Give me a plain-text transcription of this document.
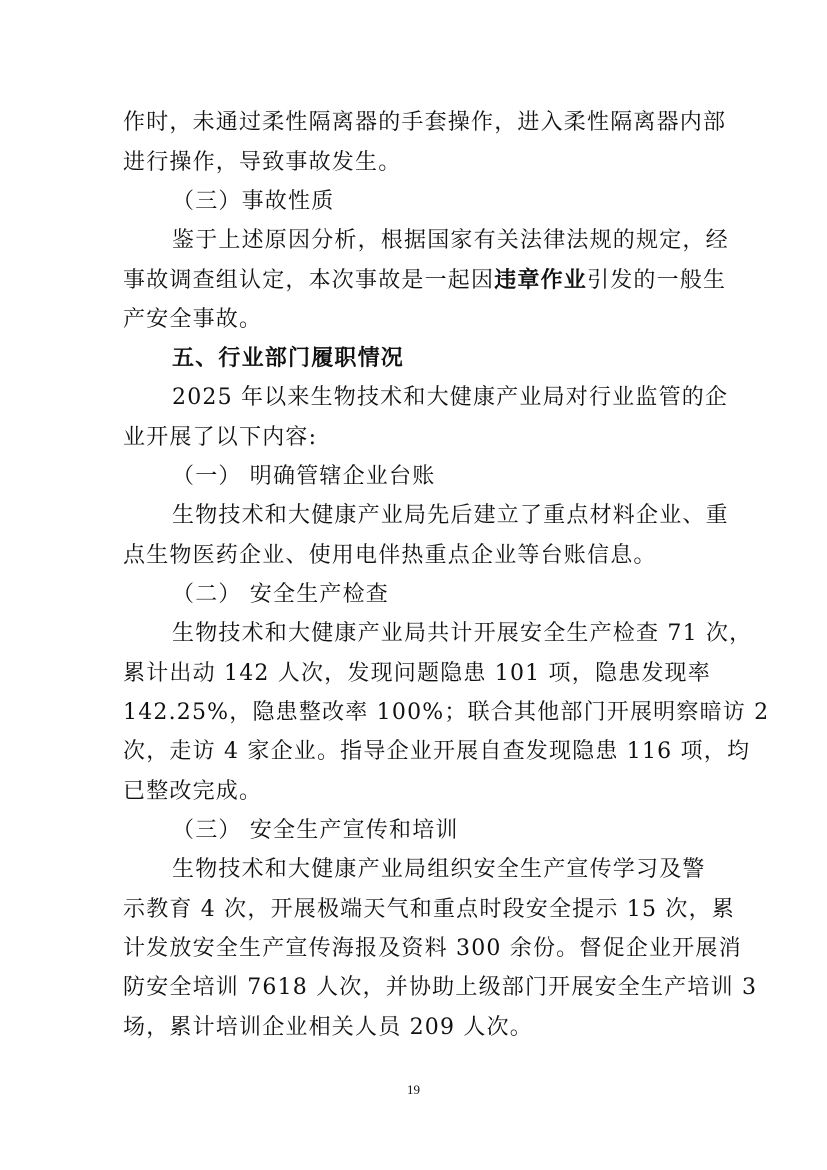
作时，未通过柔性隔离器的手套操作，进入柔性隔离器内部
进行操作，导致事故发生。
（三）事故性质
鉴于上述原因分析，根据国家有关法律法规的规定，经
事故调查组认定，本次事故是一起因违章作业引发的一般生
产安全事故。
五、行业部门履职情况
2025 年以来生物技术和大健康产业局对行业监管的企
业开展了以下内容:
（一） 明确管辖企业台账
生物技术和大健康产业局先后建立了重点材料企业、重
点生物医药企业、使用电伴热重点企业等台账信息。
（二） 安全生产检查
生物技术和大健康产业局共计开展安全生产检查 71 次，
累计出动 142 人次，发现问题隐患 101 项，隐患发现率
142.25%，隐患整改率 100%；联合其他部门开展明察暗访 2
次，走访 4 家企业。指导企业开展自查发现隐患 116 项，均
已整改完成。
（三） 安全生产宣传和培训
生物技术和大健康产业局组织安全生产宣传学习及警
示教育 4 次，开展极端天气和重点时段安全提示 15 次，累
计发放安全生产宣传海报及资料 300 余份。督促企业开展消
防安全培训 7618 人次，并协助上级部门开展安全生产培训 3
场，累计培训企业相关人员 209 人次。
19
